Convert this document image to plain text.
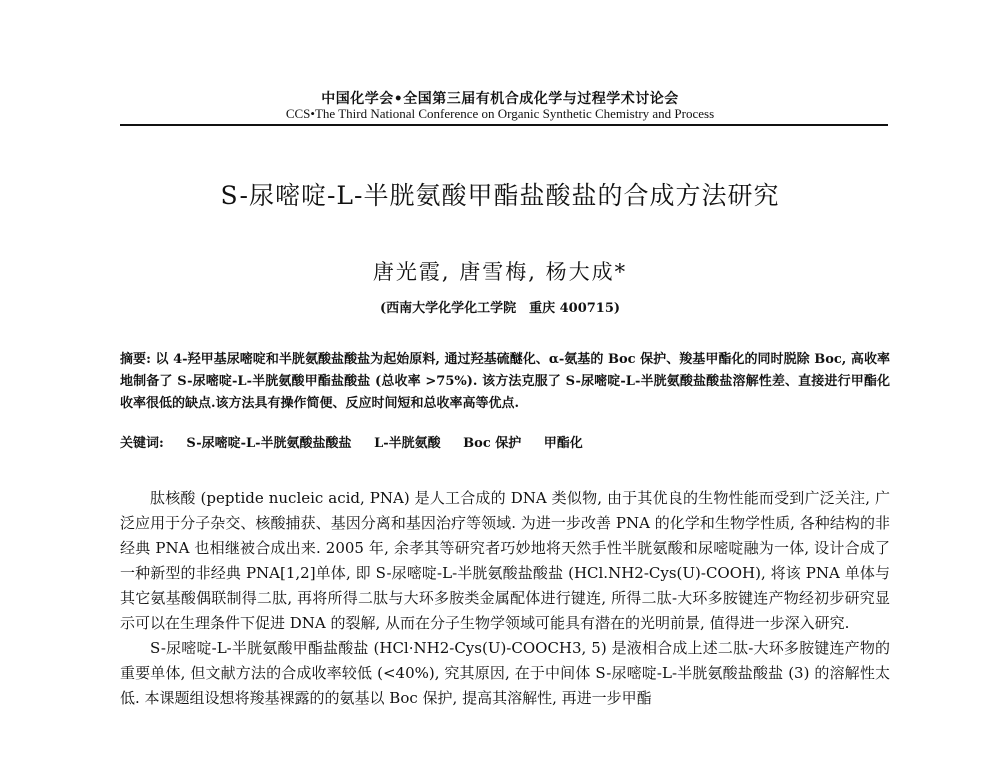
中国化学会•全国第三届有机合成化学与过程学术讨论会
CCS•The Third National Conference on Organic Synthetic Chemistry and Process
S-尿嘧啶-L-半胱氨酸甲酯盐酸盐的合成方法研究
唐光霞, 唐雪梅, 杨大成*
(西南大学化学化工学院　重庆 400715)
摘要: 以 4-羟甲基尿嘧啶和半胱氨酸盐酸盐为起始原料, 通过羟基硫醚化、α-氨基的 Boc 保护、羧基甲酯化的同时脱除 Boc, 高收率地制备了 S-尿嘧啶-L-半胱氨酸甲酯盐酸盐 (总收率 >75%). 该方法克服了 S-尿嘧啶-L-半胱氨酸盐酸盐溶解性差、直接进行甲酯化收率很低的缺点.该方法具有操作简便、反应时间短和总收率高等优点.
关键词: S-尿嘧啶-L-半胱氨酸盐酸盐 L-半胱氨酸 Boc 保护 甲酯化

肽核酸 (peptide nucleic acid, PNA) 是人工合成的 DNA 类似物, 由于其优良的生物性能而受到广泛关注, 广泛应用于分子杂交、核酸捕获、基因分离和基因治疗等领域. 为进一步改善 PNA 的化学和生物学性质, 各种结构的非经典 PNA 也相继被合成出来. 2005 年, 余孝其等研究者巧妙地将天然手性半胱氨酸和尿嘧啶融为一体, 设计合成了一种新型的非经典 PNA[1,2]单体, 即 S-尿嘧啶-L-半胱氨酸盐酸盐 (HCl.NH2-Cys(U)-COOH), 将该 PNA 单体与其它氨基酸偶联制得二肽, 再将所得二肽与大环多胺类金属配体进行键连, 所得二肽-大环多胺键连产物经初步研究显示可以在生理条件下促进 DNA 的裂解, 从而在分子生物学领域可能具有潜在的光明前景, 值得进一步深入研究.

S-尿嘧啶-L-半胱氨酸甲酯盐酸盐 (HCl·NH2-Cys(U)-COOCH3, 5) 是液相合成上述二肽-大环多胺键连产物的重要单体, 但文献方法的合成收率较低 (<40%), 究其原因, 在于中间体 S-尿嘧啶-L-半胱氨酸盐酸盐 (3) 的溶解性太低. 本课题组设想将羧基裸露的的氨基以 Boc 保护, 提高其溶解性, 再进一步甲酯
